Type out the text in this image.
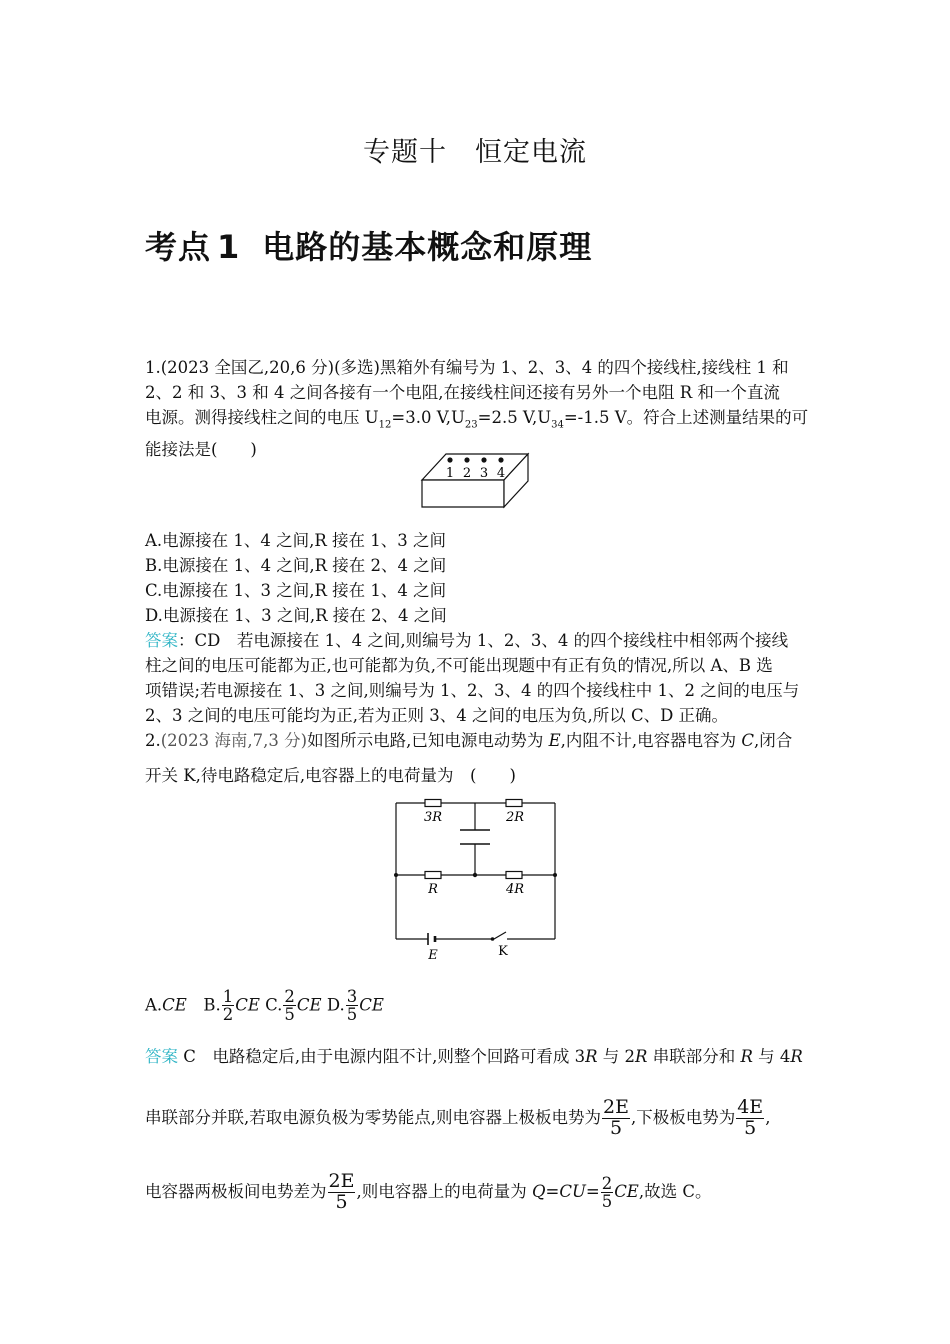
专题十　恒定电流
考点 1 电路的基本概念和原理
1.(2023 全国乙,20,6 分)(多选)黑箱外有编号为 1、2、3、4 的四个接线柱,接线柱 1 和
2、2 和 3、3 和 4 之间各接有一个电阻,在接线柱间还接有另外一个电阻 R 和一个直流
电源。测得接线柱之间的电压 $U_{12}=3.0$ $V,U_{23}=2.5$ $V,U_{34}=-1.5$ V。符合上述测量结果的可
能接法是(　　)
1 2 3 4
A.电源接在 1、4 之间,R 接在 1、3 之间
B.电源接在 1、4 之间,R 接在 2、4 之间
C.电源接在 1、3 之间,R 接在 1、4 之间
D.电源接在 1、3 之间,R 接在 2、4 之间
答案：CD　若电源接在 1、4 之间,则编号为 1、2、3、4 的四个接线柱中相邻两个接线
柱之间的电压可能都为正,也可能都为负,不可能出现题中有正有负的情况,所以 A、B 选
项错误;若电源接在 1、3 之间,则编号为 1、2、3、4 的四个接线柱中 1、2 之间的电压与
2、3 之间的电压可能均为正,若为正则 3、4 之间的电压为负,所以 C、D 正确。
2.(2023 海南,7,3 分)如图所示电路,已知电源电动势为 E,内阻不计,电容器电容为 C,闭合
开关 K,待电路稳定后,电容器上的电荷量为　(　　)
3R	2R
R	4R
E	K
A.CE　B. $\frac{1}{2}$ CE C. $\frac{2}{5}$ CE D. $\frac{3}{5}$ CE
答案 C　电路稳定后,由于电源内阻不计,则整个回路可看成 3R 与 2R 串联部分和 R 与 4R
串联部分并联,若取电源负极为零势能点,则电容器上极板电势为 $\frac{2E}{5}$ ,下极板电势为 $\frac{4E}{5}$ ,
电容器两极板间电势差为 $\frac{2E}{5}$ ,则电容器上的电荷量为 $Q=CU= \frac{2}{5}$ CE,故选 C。
